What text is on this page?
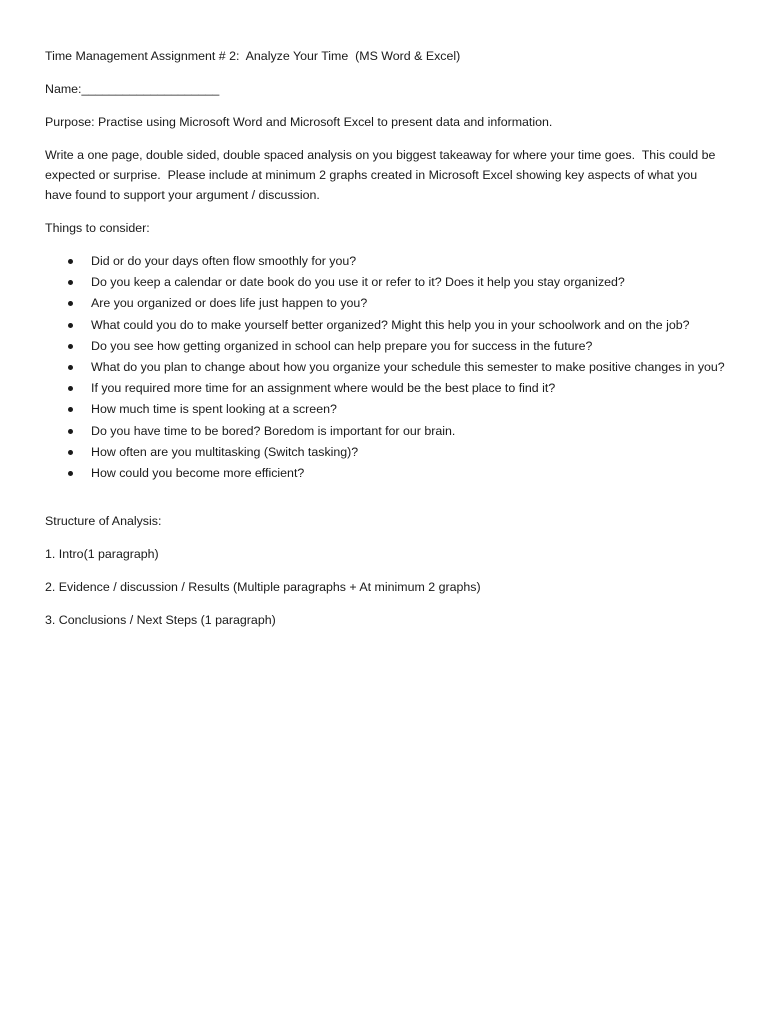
Time Management Assignment # 2:  Analyze Your Time  (MS Word & Excel)

Name:____________________

Purpose: Practise using Microsoft Word and Microsoft Excel to present data and information.

Write a one page, double sided, double spaced analysis on you biggest takeaway for where your time goes.  This could be expected or surprise.  Please include at minimum 2 graphs created in Microsoft Excel showing key aspects of what you have found to support your argument / discussion.

Things to consider:

Did or do your days often flow smoothly for you?
Do you keep a calendar or date book do you use it or refer to it? Does it help you stay organized?
Are you organized or does life just happen to you?
What could you do to make yourself better organized? Might this help you in your schoolwork and on the job?
Do you see how getting organized in school can help prepare you for success in the future?
What do you plan to change about how you organize your schedule this semester to make positive changes in you?
If you required more time for an assignment where would be the best place to find it?
How much time is spent looking at a screen?
Do you have time to be bored? Boredom is important for our brain.
How often are you multitasking (Switch tasking)?
How could you become more efficient?

Structure of Analysis:

1. Intro(1 paragraph)

2. Evidence / discussion / Results (Multiple paragraphs + At minimum 2 graphs)

3. Conclusions / Next Steps (1 paragraph)
